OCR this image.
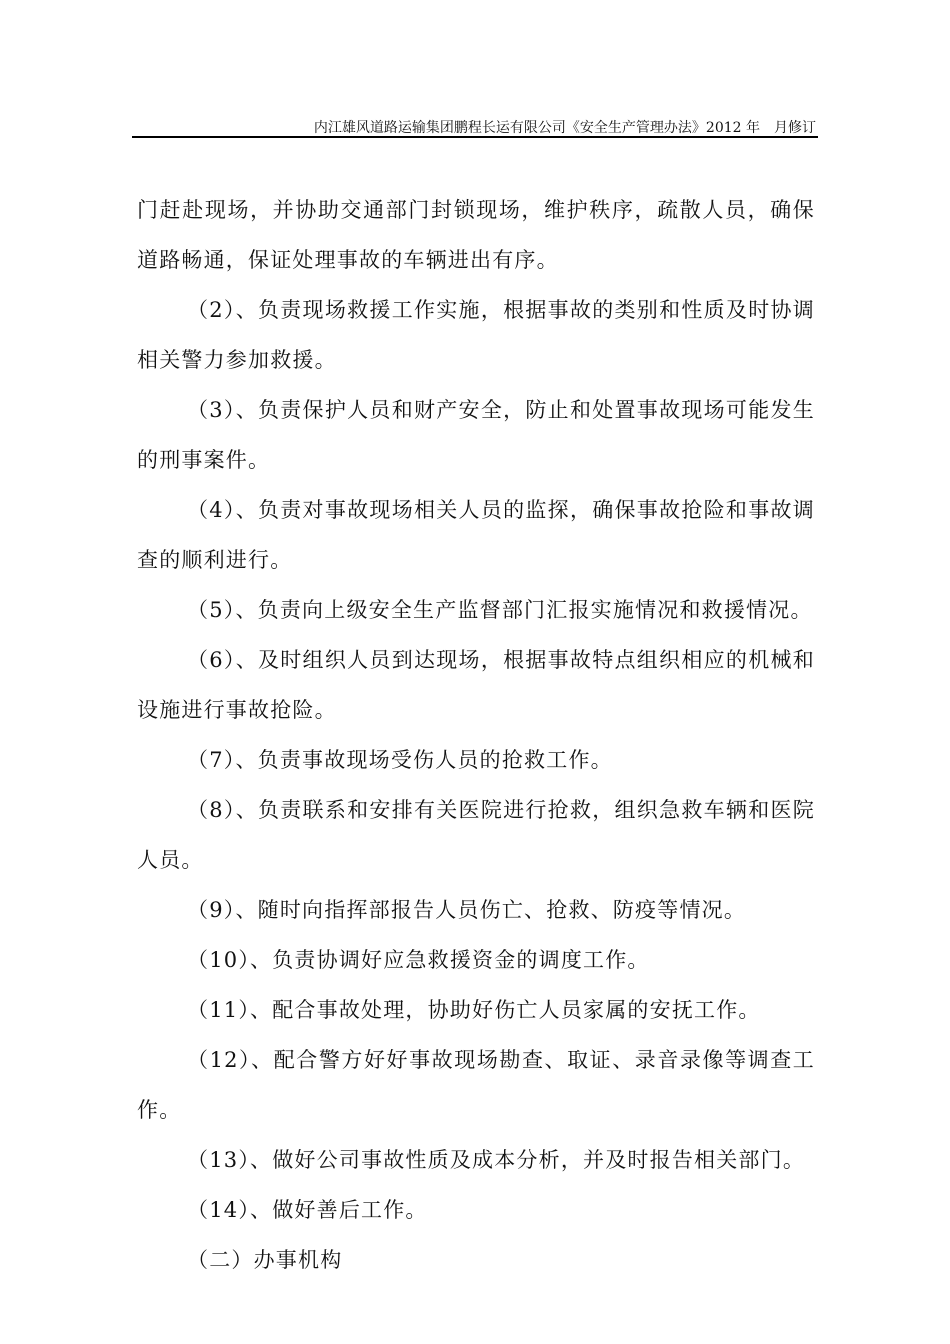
内江雄风道路运输集团鹏程长运有限公司《安全生产管理办法》2012 年　月修订

门赶赴现场，并协助交通部门封锁现场，维护秩序，疏散人员，确保道路畅通，保证处理事故的车辆进出有序。

（2）、负责现场救援工作实施，根据事故的类别和性质及时协调相关警力参加救援。

（3）、负责保护人员和财产安全，防止和处置事故现场可能发生的刑事案件。

（4）、负责对事故现场相关人员的监探，确保事故抢险和事故调查的顺利进行。

（5）、负责向上级安全生产监督部门汇报实施情况和救援情况。

（6）、及时组织人员到达现场，根据事故特点组织相应的机械和设施进行事故抢险。

（7）、负责事故现场受伤人员的抢救工作。

（8）、负责联系和安排有关医院进行抢救，组织急救车辆和医院人员。

（9）、随时向指挥部报告人员伤亡、抢救、防疫等情况。

（10）、负责协调好应急救援资金的调度工作。

（11）、配合事故处理，协助好伤亡人员家属的安抚工作。

（12）、配合警方好好事故现场勘查、取证、录音录像等调查工作。

（13）、做好公司事故性质及成本分析，并及时报告相关部门。

（14）、做好善后工作。

（二）办事机构
